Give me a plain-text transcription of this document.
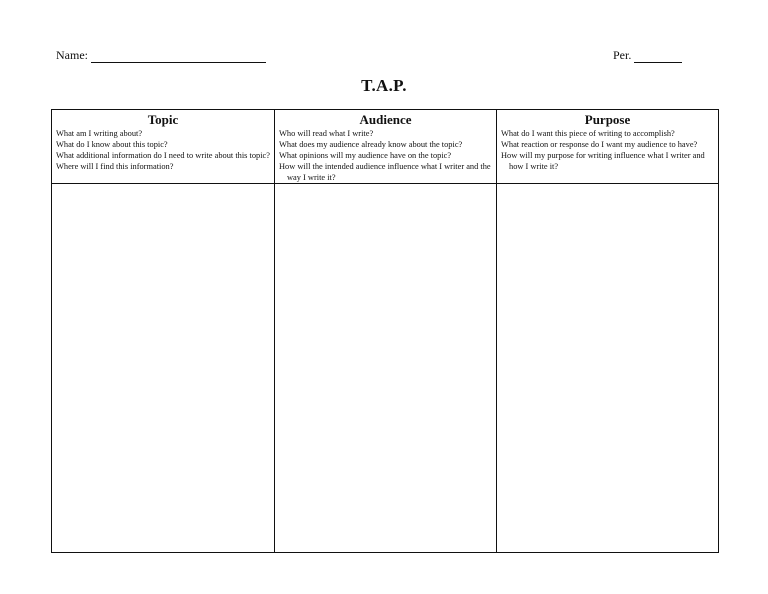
Name:	Per.
T.A.P.
Topic
What am I writing about?
What do I know about this topic?
What additional information do I need to write about this topic?
Where will I find this information?
Audience
Who will read what I write?
What does my audience already know about the topic?
What opinions will my audience have on the topic?
How will the intended audience influence what I writer and the way I write it?
Purpose
What do I want this piece of writing to accomplish?
What reaction or response do I want my audience to have?
How will my purpose for writing influence what I writer and how I write it?
